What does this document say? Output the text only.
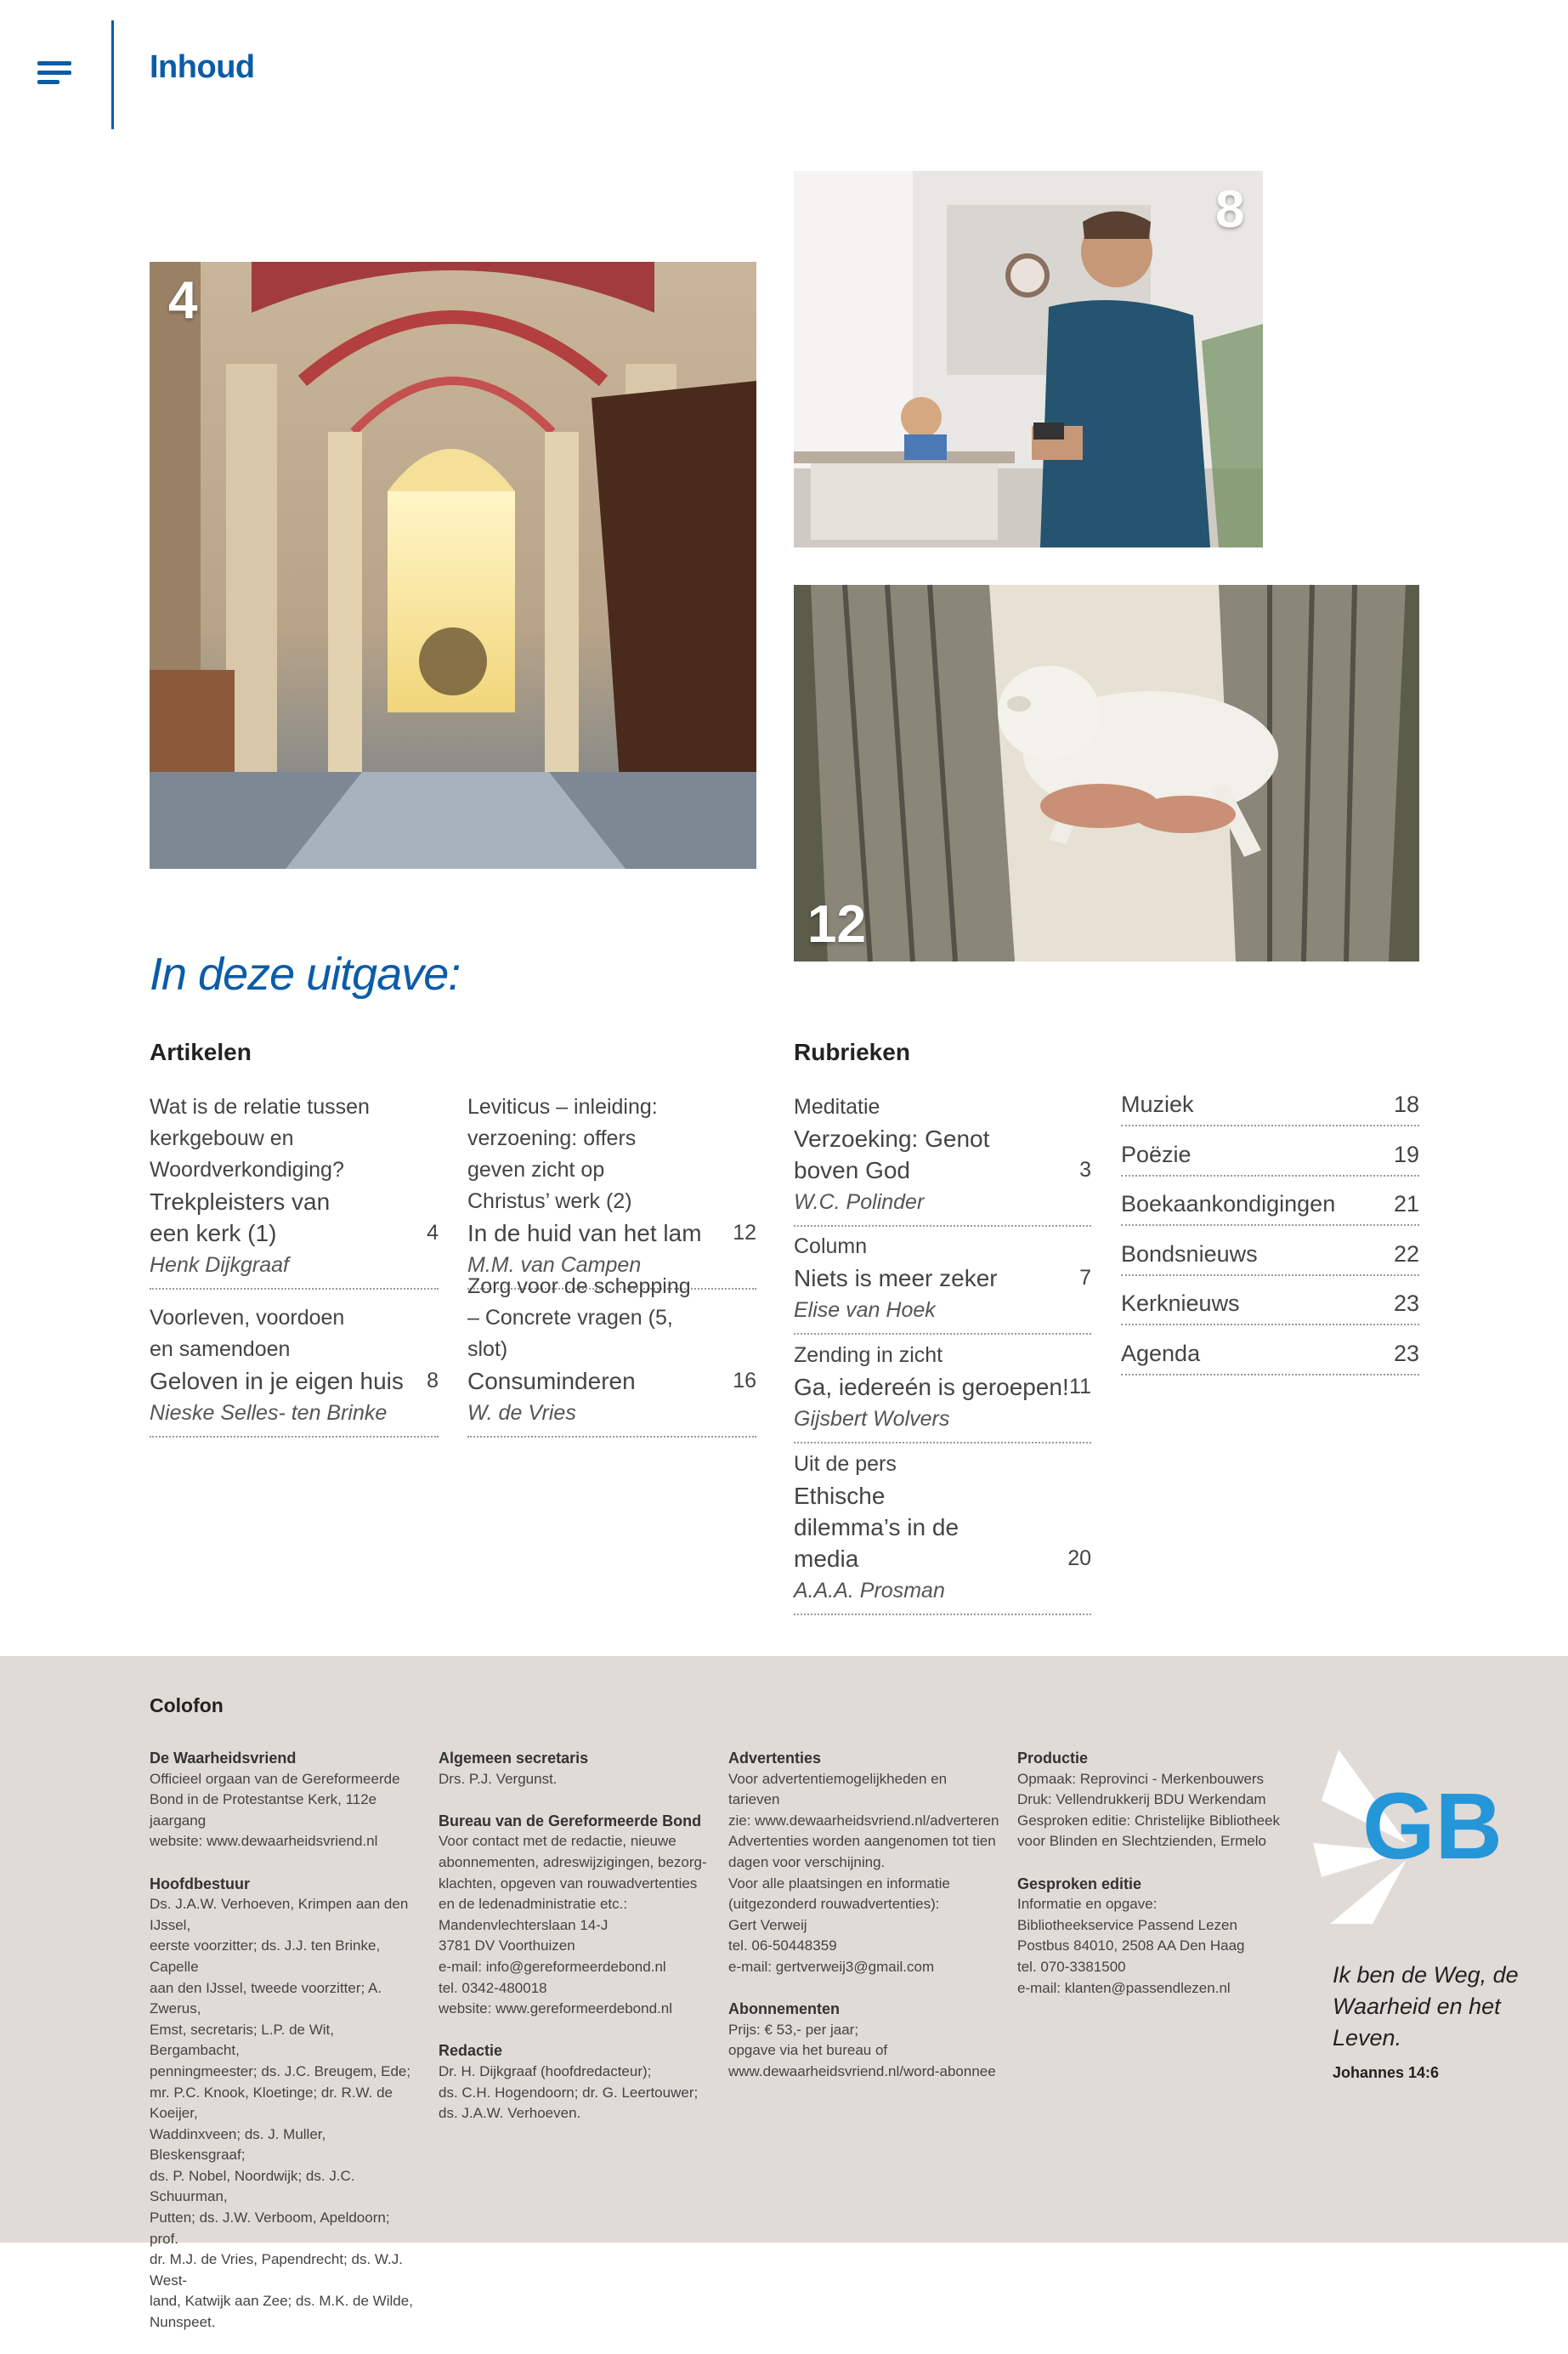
Inhoud
4
8
12
In deze uitgave:
Artikelen	Rubrieken
Wat is de relatie tussen kerkgebouw en Woordverkondiging?
Trekpleisters van een kerk (1)	4
Henk Dijkgraaf
Voorleven, voordoen en samendoen
Geloven in je eigen huis 8
Nieske Selles- ten Brinke
Leviticus – inleiding: verzoening: offers geven zicht op Christus’ werk (2)
In de huid van het lam 12
M.M. van Campen
Zorg voor de schepping – Concrete vragen (5, slot)
Consuminderen	16
W. de Vries
Meditatie
Verzoeking: Genot boven God	3
W.C. Polinder
Column
Niets is meer zeker	7
Elise van Hoek
Zending in zicht
Ga, iedereén is geroepen! 11
Gijsbert Wolvers
Uit de pers
Ethische dilemma’s in de media	20
A.A.A. Prosman
Muziek	18
Poëzie	19
Boekaankondigingen	21
Bondsnieuws	22
Kerknieuws	23
Agenda	23
Colofon
De Waarheidsvriend

Officieel orgaan van de Gereformeerde
Bond in de Protestantse Kerk, 112e jaargang
website: www.dewaarheidsvriend.nl

Hoofdbestuur

Ds. J.A.W. Verhoeven, Krimpen aan den IJssel,
eerste voorzitter; ds. J.J. ten Brinke, Capelle
aan den IJssel, tweede voorzitter; A. Zwerus,
Emst, secretaris; L.P. de Wit, Bergambacht,
penningmeester; ds. J.C. Breugem, Ede;
mr. P.C. Knook, Kloetinge; dr. R.W. de Koeijer,
Waddinxveen; ds. J. Muller, Bleskensgraaf;
ds. P. Nobel, Noordwijk; ds. J.C. Schuurman,
Putten; ds. J.W. Verboom, Apeldoorn; prof.
dr. M.J. de Vries, Papendrecht; ds. W.J. West-
land, Katwijk aan Zee; ds. M.K. de Wilde,
Nunspeet.

Algemeen secretaris

Drs. P.J. Vergunst.

Bureau van de Gereformeerde Bond

Voor contact met de redactie, nieuwe
abonnementen, adreswijzigingen, bezorg-
klachten, opgeven van rouwadvertenties
en de ledenadministratie etc.:
Mandenvlechterslaan 14-J
3781 DV Voorthuizen
e-mail: info@gereformeerdebond.nl
tel. 0342-480018
website: www.gereformeerdebond.nl

Redactie

Dr. H. Dijkgraaf (hoofdredacteur);
ds. C.H. Hogendoorn; dr. G. Leertouwer;
ds. J.A.W. Verhoeven.

Advertenties

Voor advertentiemogelijkheden en tarieven
zie: www.dewaarheidsvriend.nl/adverteren
Advertenties worden aangenomen tot tien
dagen voor verschijning.
Voor alle plaatsingen en informatie
(uitgezonderd rouwadvertenties):
Gert Verweij
tel. 06-50448359
e-mail: gertverweij3@gmail.com

Abonnementen

Prijs: € 53,- per jaar;
opgave via het bureau of
www.dewaarheidsvriend.nl/word-abonnee

Productie

Opmaak: Reprovinci - Merkenbouwers
Druk: Vellendrukkerij BDU Werkendam
Gesproken editie: Christelijke Bibliotheek
voor Blinden en Slechtzienden, Ermelo

Gesproken editie

Informatie en opgave:
Bibliotheekservice Passend Lezen
Postbus 84010, 2508 AA Den Haag
tel. 070-3381500
e-mail: klanten@passendlezen.nl

GB
Ik ben de Weg, de Waarheid en het Leven.
Johannes 14:6
